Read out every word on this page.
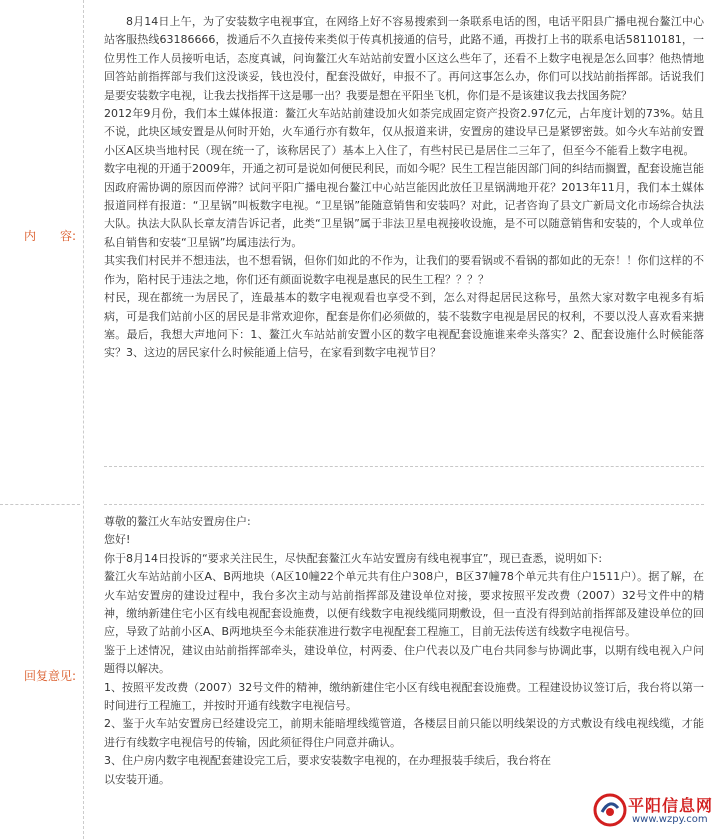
内　　容:

8月14日上午，为了安装数字电视事宜，在网络上好不容易搜索到一条联系电话的图，电话平阳县广播电视台鳌江中心站客服热线63186666，拨通后不久直接传来类似于传真机接通的信号，此路不通，再拨打上书的联系电话58110181，一位男性工作人员接听电话，态度真诚，问询鳌江火车站站前安置小区这么些年了，还看不上数字电视是怎么回事？他热情地回答站前指挥部与我们这没谈妥，钱也没付，配套没做好，申报不了。再问这事怎么办，你们可以找站前指挥部。话说我们是要安装数字电视，让我去找指挥干这是哪一出？我要是想在平阳坐飞机，你们是不是该建议我去找国务院？

2012年9月份，我们本土媒体报道：鳌江火车站站前建设加火如荼完成固定资产投资2.97亿元，占年度计划的73%。姑且不说，此块区域安置是从何时开始，火车通行亦有数年，仅从报道来讲，安置房的建设早已是紧锣密鼓。如今火车站前安置小区A区块当地村民（现在统一了，该称居民了）基本上入住了，有些村民已是居住二三年了，但至今不能看上数字电视。

数字电视的开通于2009年，开通之初可是说如何便民利民，而如今呢？民生工程岂能因部门间的纠结而搁置，配套设施岂能因政府需协调的原因而停滞？试问平阳广播电视台鳌江中心站岂能因此放任卫星锅满地开花？2013年11月，我们本土媒体报道同样有报道：“卫星锅”叫板数字电视。“卫星锅”能随意销售和安装吗？对此，记者咨询了县文广新局文化市场综合执法大队。执法大队队长章友清告诉记者，此类“卫星锅”属于非法卫星电视接收设施，是不可以随意销售和安装的，个人或单位私自销售和安装“卫星锅”均属违法行为。

其实我们村民并不想违法，也不想看锅，但你们如此的不作为，让我们的要看锅或不看锅的都如此的无奈！！你们这样的不作为，陷村民于违法之地，你们还有颜面说数字电视是惠民的民生工程？？？？

村民，现在都统一为居民了，连最基本的数字电视观看也享受不到，怎么对得起居民这称号，虽然大家对数字电视多有垢病，可是我们站前小区的居民是非常欢迎你，配套是你们必须做的，装不装数字电视是居民的权利，不要以没人喜欢看来搪塞。最后，我想大声地问下：1、鳌江火车站站前安置小区的数字电视配套设施谁来牵头落实？2、配套设施什么时候能落实？3、这边的居民家什么时候能通上信号，在家看到数字电视节目？

回复意见:

尊敬的鳌江火车站安置房住户:

您好!

你于8月14日投诉的“要求关注民生，尽快配套鳌江火车站安置房有线电视事宜”，现已查悉，说明如下:

鳌江火车站站前小区A、B两地块（A区10幢22个单元共有住户308户，B区37幢78个单元共有住户1511户）。据了解，在火车站安置房的建设过程中，我台多次主动与站前指挥部及建设单位对接，要求按照平发改费（2007）32号文件中的精神，缴纳新建住宅小区有线电视配套设施费，以便有线数字电视线缆同期敷设，但一直没有得到站前指挥部及建设单位的回应，导致了站前小区A、B两地块至今未能获准进行数字电视配套工程施工，目前无法传送有线数字电视信号。

鉴于上述情况，建议由站前指挥部牵头，建设单位，村两委、住户代表以及广电台共同参与协调此事，以期有线电视入户问题得以解决。

1、按照平发改费（2007）32号文件的精神，缴纳新建住宅小区有线电视配套设施费。工程建设协议签订后，我台将以第一时间进行工程施工，并按时开通有线数字电视信号。

2、鉴于火车站安置房已经建设完工，前期未能暗埋线缆管道，各楼层目前只能以明线架设的方式敷设有线电视线缆，才能进行有线数字电视信号的传输，因此须征得住户同意并确认。

3、住户房内数字电视配套建设完工后，要求安装数字电视的，在办理报装手续后，我台将在

以安装开通。

平阳信息网
www.wzpy.com
